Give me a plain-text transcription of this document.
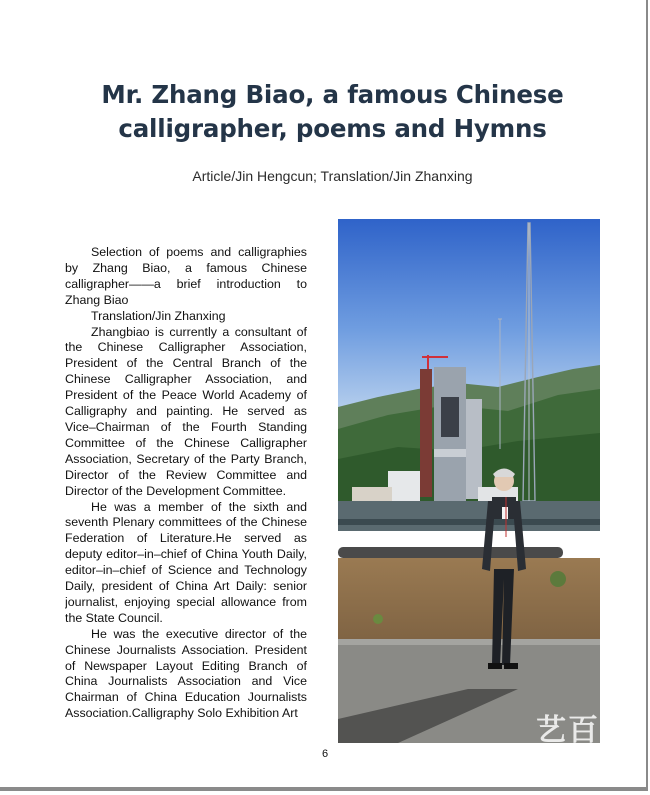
Mr. Zhang Biao, a famous Chinese
calligrapher, poems and Hymns

Article/Jin Hengcun; Translation/Jin Zhanxing

Selection of poems and calligraphies by Zhang Biao, a famous Chinese calligrapher——a brief introduction to Zhang Biao

Translation/Jin Zhanxing

Zhangbiao is currently a consultant of the Chinese Calligrapher Association, President of the Central Branch of the Chinese Calligrapher Association, and President of the Peace World Academy of Calligraphy and painting. He served as Vice–Chairman of the Fourth Standing Committee of the Chinese Calligrapher Association, Secretary of the Party Branch, Director of the Review Committee and Director of the Development Committee.

He was a member of the sixth and seventh Plenary committees of the Chinese Federation of Literature.He served as deputy editor–in–chief of China Youth Daily, editor–in–chief of Science and Technology Daily, president of China Art Daily: senior journalist, enjoying special allowance from the State Council.

He was the executive director of the Chinese Journalists Association. President of Newspaper Layout Editing Branch of China Journalists Association and Vice Chairman of China Education Journalists Association.Calligraphy Solo Exhibition Art	艺百
6
